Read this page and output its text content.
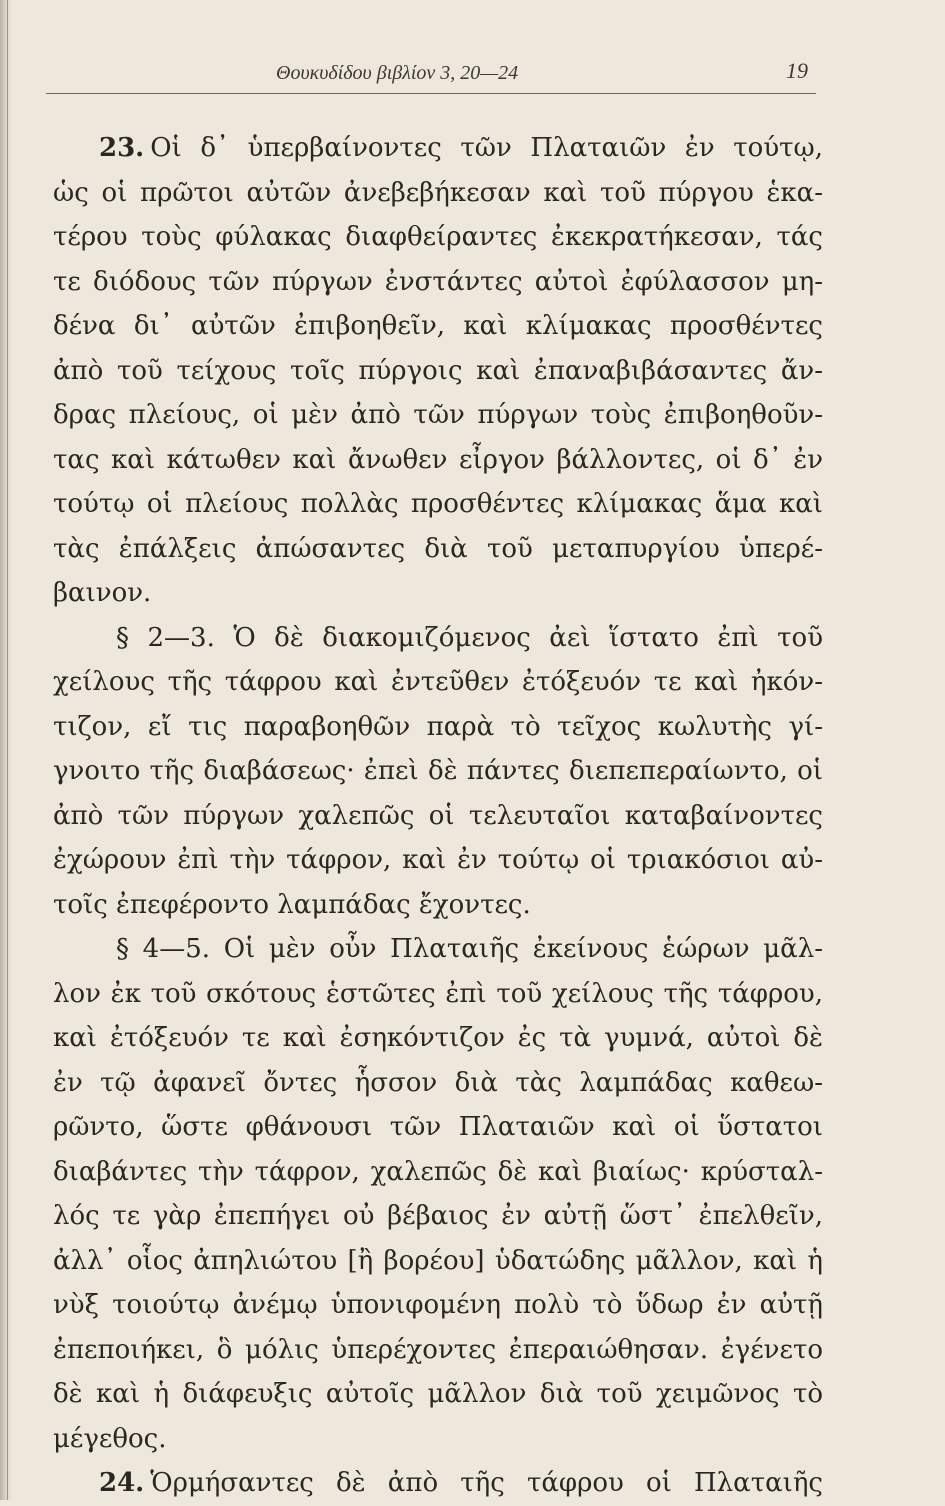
Θουκυδίδου βιβλίον 3, 20—24	19
23. Οἱ δ᾽ ὑπερβαίνοντες τῶν Πλαταιῶν ἐν τούτῳ,
ὡς οἱ πρῶτοι αὐτῶν ἀνεβεβήκεσαν καὶ τοῦ πύργου ἑκα-
τέρου τοὺς φύλακας διαφθείραντες ἐκεκρατήκεσαν, τάς
τε διόδους τῶν πύργων ἐνστάντες αὐτοὶ ἐφύλασσον μη-
δένα δι᾽ αὐτῶν ἐπιβοηθεῖν, καὶ κλίμακας προσθέντες
ἀπὸ τοῦ τείχους τοῖς πύργοις καὶ ἐπαναβιβάσαντες ἄν-
δρας πλείους, οἱ μὲν ἀπὸ τῶν πύργων τοὺς ἐπιβοηθοῦν-
τας καὶ κάτωθεν καὶ ἄνωθεν εἶργον βάλλοντες, οἱ δ᾽ ἐν
τούτῳ οἱ πλείους πολλὰς προσθέντες κλίμακας ἅμα καὶ
τὰς ἐπάλξεις ἀπώσαντες διὰ τοῦ μεταπυργίου ὑπερέ-
βαινον.
§ 2—3. Ὁ δὲ διακομιζόμενος ἀεὶ ἵστατο ἐπὶ τοῦ
χείλους τῆς τάφρου καὶ ἐντεῦθεν ἐτόξευόν τε καὶ ἠκόν-
τιζον, εἴ τις παραβοηθῶν παρὰ τὸ τεῖχος κωλυτὴς γί-
γνοιτο τῆς διαβάσεως· ἐπεὶ δὲ πάντες διεπεπεραίωντο, οἱ
ἀπὸ τῶν πύργων χαλεπῶς οἱ τελευταῖοι καταβαίνοντες
ἐχώρουν ἐπὶ τὴν τάφρον, καὶ ἐν τούτῳ οἱ τριακόσιοι αὐ-
τοῖς ἐπεφέροντο λαμπάδας ἔχοντες.
§ 4—5. Οἱ μὲν οὖν Πλαταιῆς ἐκείνους ἑώρων μᾶλ-
λον ἐκ τοῦ σκότους ἑστῶτες ἐπὶ τοῦ χείλους τῆς τάφρου,
καὶ ἐτόξευόν τε καὶ ἐσηκόντιζον ἐς τὰ γυμνά, αὐτοὶ δὲ
ἐν τῷ ἀφανεῖ ὄντες ἧσσον διὰ τὰς λαμπάδας καθεω-
ρῶντο, ὥστε φθάνουσι τῶν Πλαταιῶν καὶ οἱ ὕστατοι
διαβάντες τὴν τάφρον, χαλεπῶς δὲ καὶ βιαίως· κρύσταλ-
λός τε γὰρ ἐπεπήγει οὐ βέβαιος ἐν αὐτῇ ὥστ᾽ ἐπελθεῖν,
ἀλλ᾽ οἷος ἀπηλιώτου [ἢ βορέου] ὑδατώδης μᾶλλον, καὶ ἡ
νὺξ τοιούτῳ ἀνέμῳ ὑπονιφομένη πολὺ τὸ ὕδωρ ἐν αὐτῇ
ἐπεποιήκει, ὃ μόλις ὑπερέχοντες ἐπεραιώθησαν. ἐγένετο
δὲ καὶ ἡ διάφευξις αὐτοῖς μᾶλλον διὰ τοῦ χειμῶνος τὸ
μέγεθος.
24. Ὁρμήσαντες δὲ ἀπὸ τῆς τάφρου οἱ Πλαταιῆς
